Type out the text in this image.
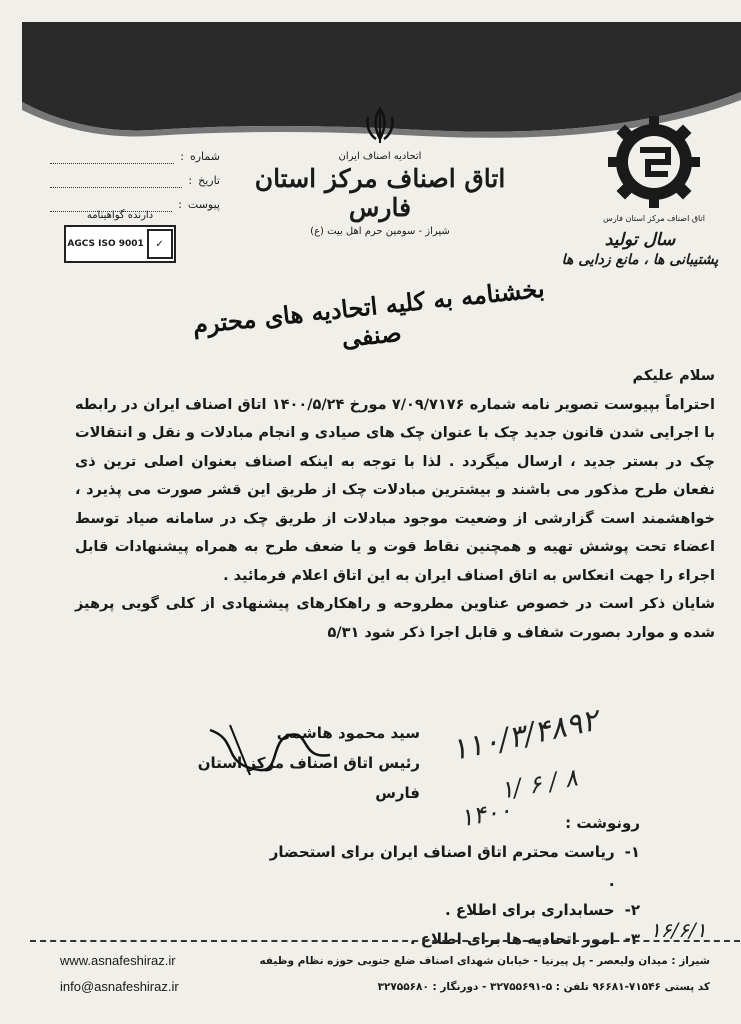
شماره
:
تاریخ
:
پیوست
:
دارنده گواهینامه
AGCS ISO 9001	✓
اتحادیه اصناف ایران
اتاق اصناف مرکز استان فارس
شیراز - سومین حرم اهل بیت (ع)
اتاق اصناف مرکز استان فارس
سال تولید
پشتیبانی ها ، مانع زدایی ها
بخشنامه به کلیه اتحادیه های محترم صنفی

سلام علیکم

احتراماً بپیوست تصویر نامه شماره ۷/۰۹/۷۱۷۶ مورخ ۱۴۰۰/۵/۲۴ اتاق اصناف ایران در رابطه با اجرایی شدن قانون جدید چک با عنوان چک های صیادی و انجام مبادلات و نقل و انتقالات چک در بستر جدید ، ارسال میگردد . لذا با توجه به اینکه اصناف بعنوان اصلی ترین ذی نفعان طرح مذکور می باشند و بیشترین مبادلات چک از طریق این قشر صورت می پذیرد ، خواهشمند است گزارشی از وضعیت موجود مبادلات از طریق چک در سامانه صیاد توسط اعضاء تحت پوشش تهیه و همچنین نقاط قوت و یا ضعف طرح به همراه پیشنهادات قابل اجراء را جهت انعکاس به اتاق اصناف ایران به این اتاق اعلام فرمائید .

شایان ذکر است در خصوص عناوین مطروحه و راهکارهای پیشنهادی از کلی گویی پرهیز شده و موارد بصورت شفاف و قابل اجرا ذکر شود ۵/۳۱

سید محمود هاشمی
رئیس اتاق اصناف مرکز استان فارس
۱۱۰/۳/۴۸۹۲
۱/ ۶ / ۸
۱۴۰۰	رونوشت :
۱-
ریاست محترم اتاق اصناف ایران برای استحضار .
۲-
حسابداری برای اطلاع .
۳-
امور اتحادیه ها برای اطلاع . ۱۶/۶/۱
www.asnafeshiraz.ir
info@asnafeshiraz.ir
شیراز : میدان ولیعصر - پل پیرنیا - خیابان شهدای اصناف ضلع جنوبی حوزه نظام وظیفه
کد پستی ۷۱۵۴۶-۹۶۶۸۱ تلفن : ۵-۳۲۷۵۵۶۹۱ - دورنگار : ۳۲۷۵۵۶۸۰
